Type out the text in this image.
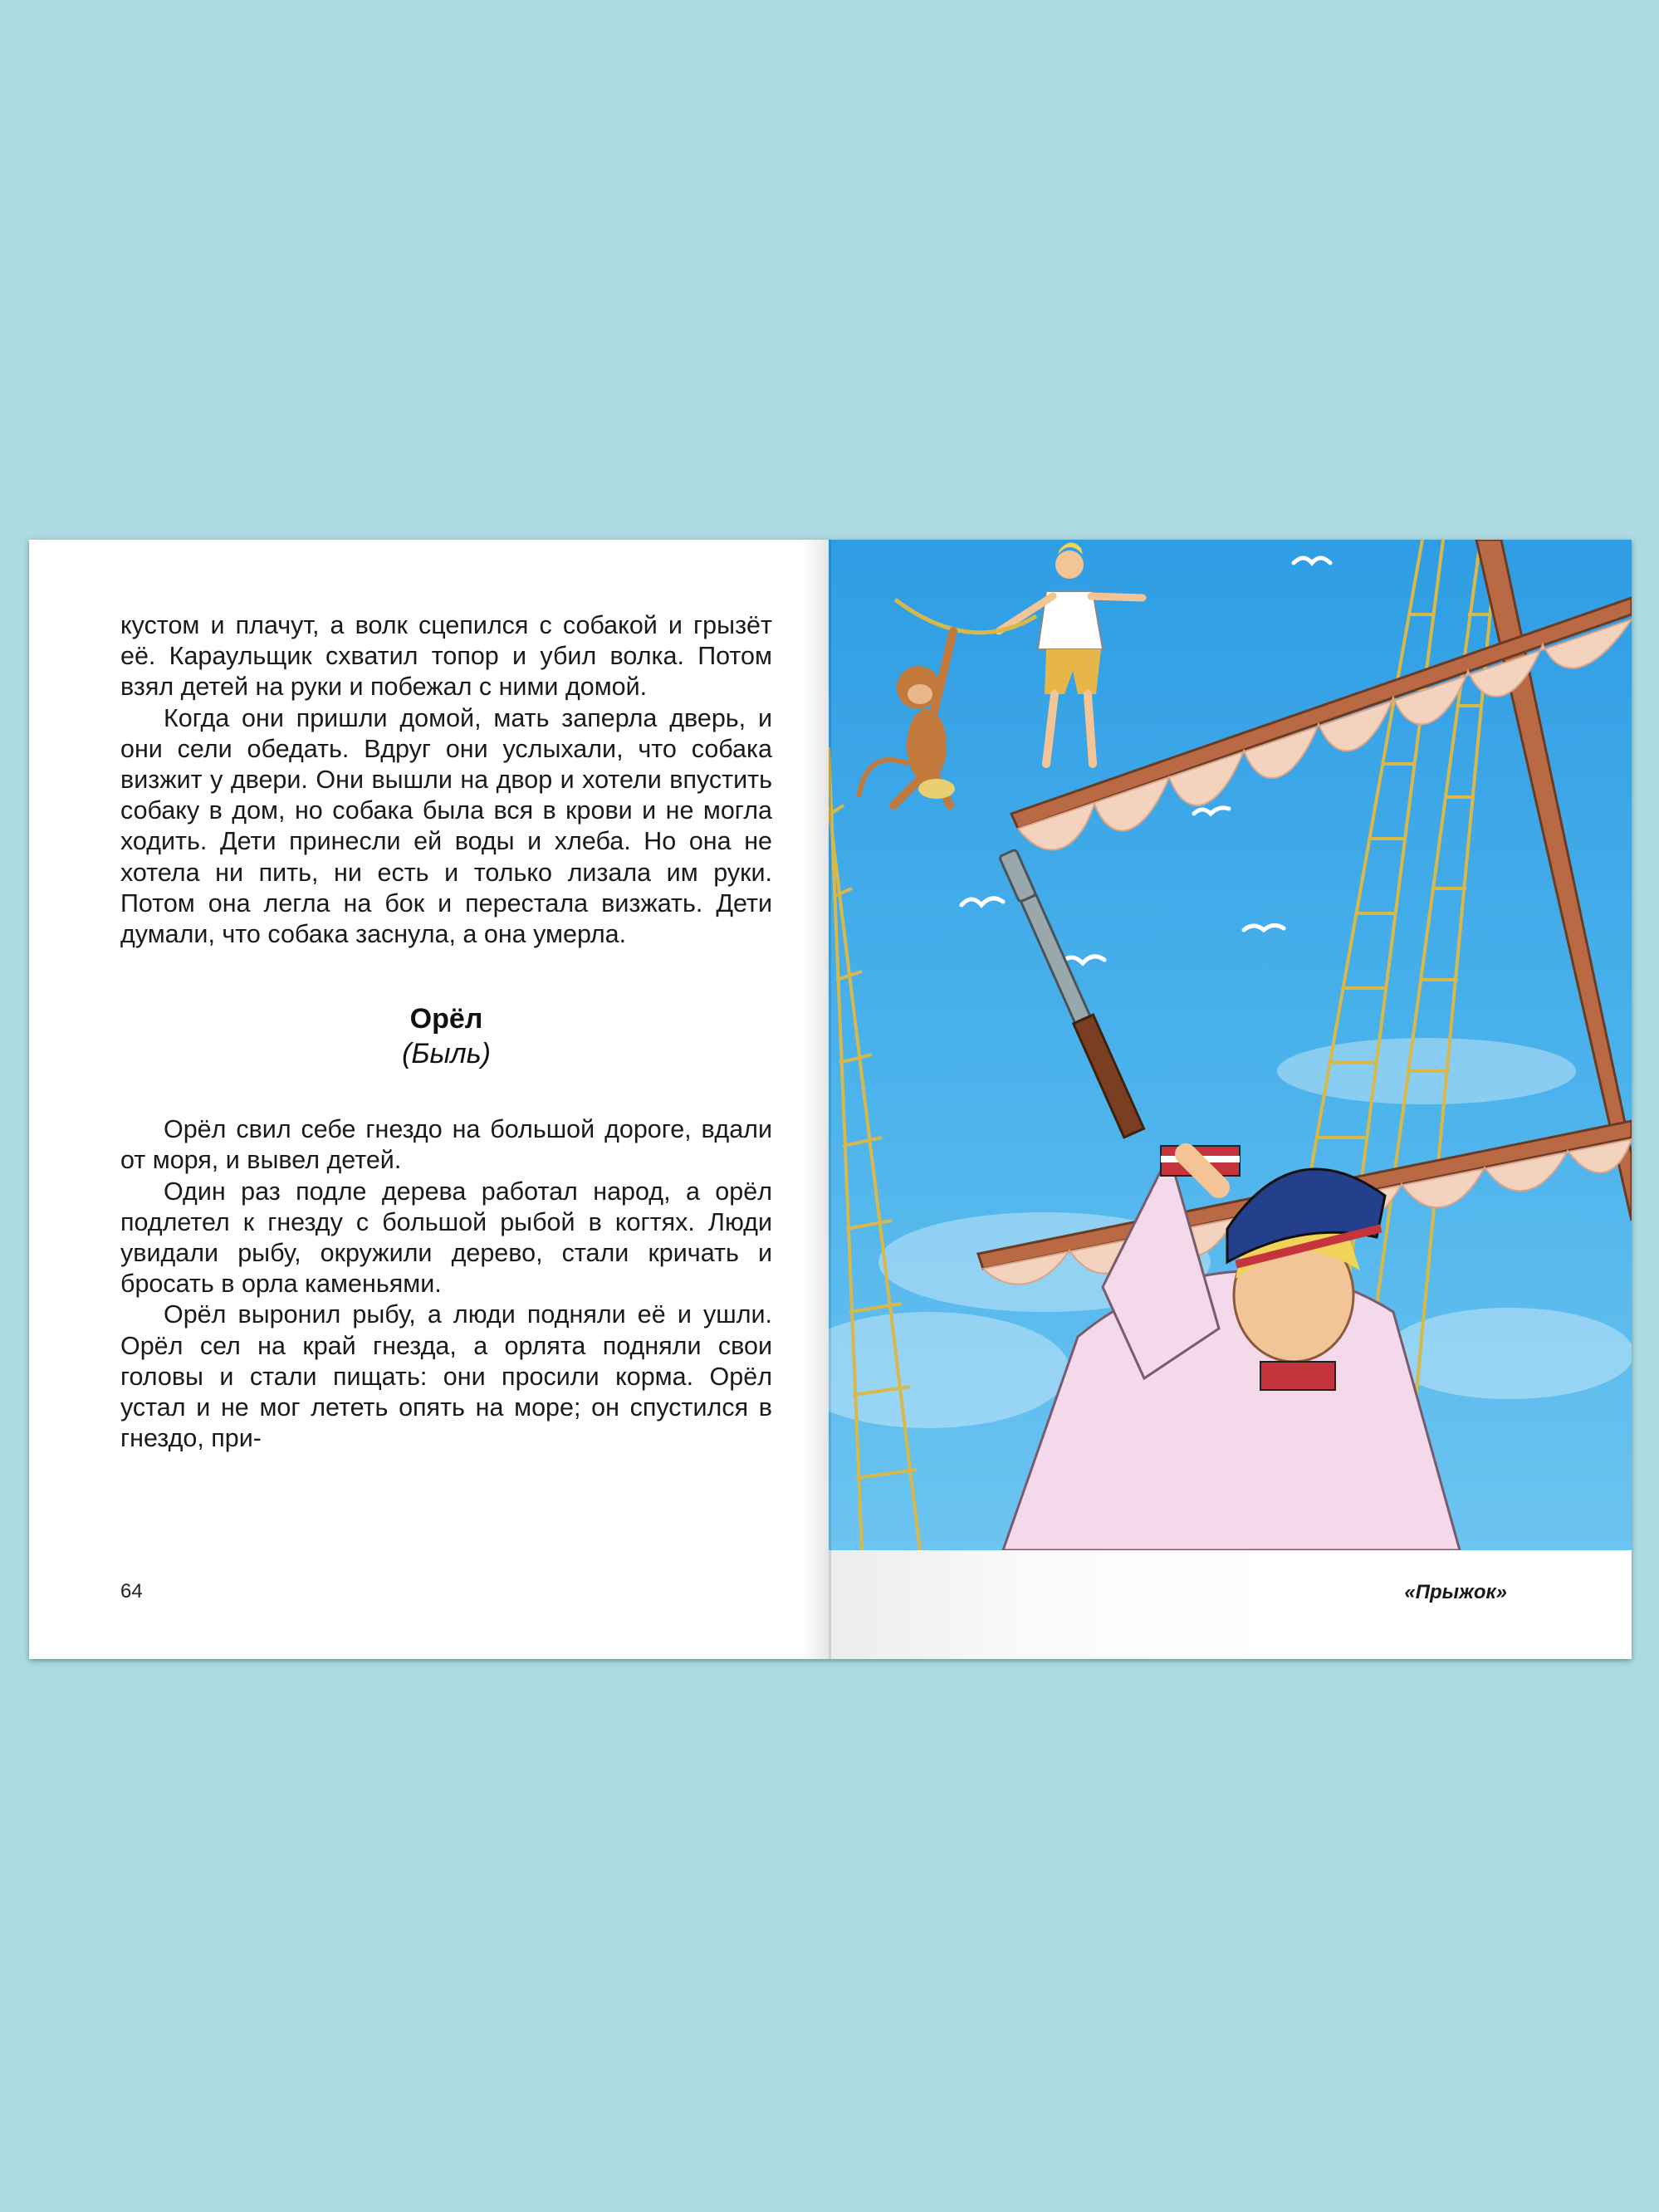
кустом и плачут, а волк сцепился с собакой и грызёт её. Караульщик схватил топор и убил волка. Потом взял детей на руки и побежал с ними домой.

Когда они пришли домой, мать заперла дверь, и они сели обедать. Вдруг они услыхали, что собака визжит у двери. Они вышли на двор и хотели впустить собаку в дом, но собака была вся в крови и не могла ходить. Дети принесли ей воды и хлеба. Но она не хотела ни пить, ни есть и только лизала им руки. Потом она легла на бок и перестала визжать. Дети думали, что собака заснула, а она умерла.

Орёл
(Быль)

Орёл свил себе гнездо на большой дороге, вдали от моря, и вывел детей.

Один раз подле дерева работал народ, а орёл подлетел к гнезду с большой рыбой в когтях. Люди увидали рыбу, окружили дерево, стали кричать и бросать в орла каменьями.

Орёл выронил рыбу, а люди подняли её и ушли. Орёл сел на край гнезда, а орлята подняли свои головы и стали пищать: они просили корма. Орёл устал и не мог лететь опять на море; он спустился в гнездо, при-

64	«Прыжок»
